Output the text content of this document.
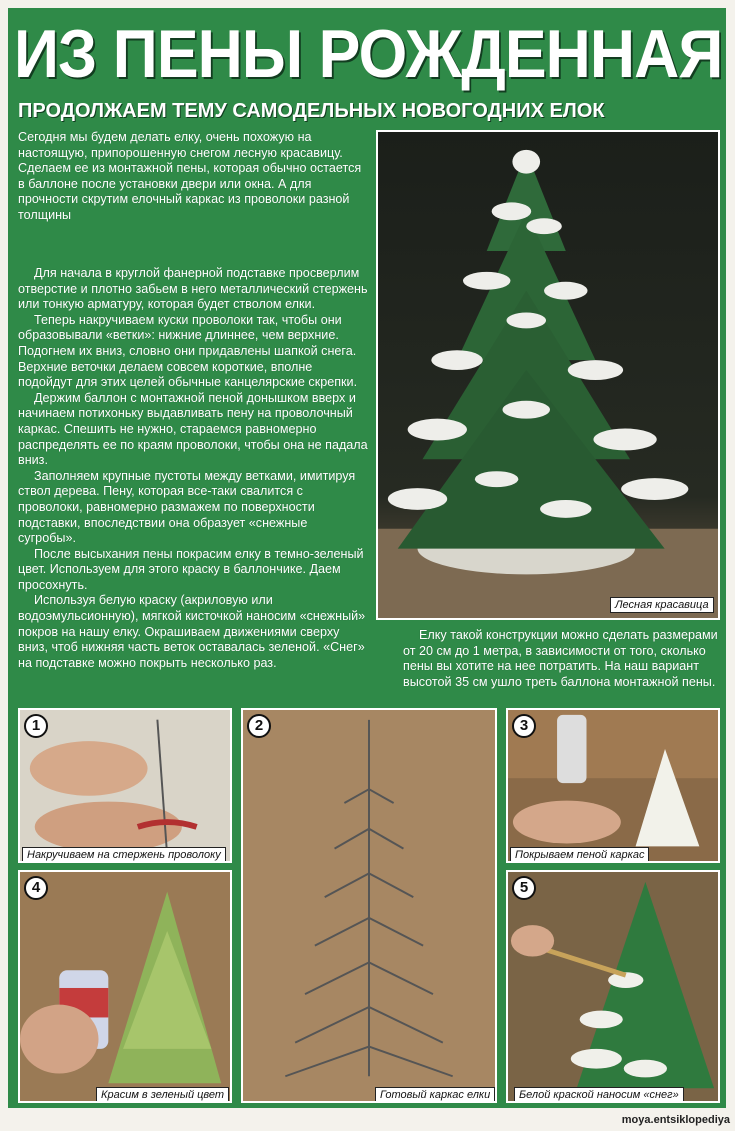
ИЗ ПЕНЫ РОЖДЕННАЯ
ПРОДОЛЖАЕМ ТЕМУ САМОДЕЛЬНЫХ НОВОГОДНИХ ЕЛОК

Сегодня мы будем делать елку, очень похожую на настоящую, припорошенную снегом лесную красавицу. Сделаем ее из монтажной пены, которая обычно остается в баллоне после установки двери или окна. А для прочности скрутим елочный каркас из проволоки разной толщины

Для начала в круглой фанерной подставке просверлим отверстие и плотно забьем в него металлический стержень или тонкую арматуру, которая будет стволом елки.

Теперь накручиваем куски проволоки так, чтобы они образовывали «ветки»: нижние длиннее, чем верхние. Подогнем их вниз, словно они придавлены шапкой снега. Верхние веточки делаем совсем короткие, вполне подойдут для этих целей обычные канцелярские скрепки.

Держим баллон с монтажной пеной донышком вверх и начинаем потихоньку выдавливать пену на проволочный каркас. Спешить не нужно, стараемся равномерно распределять ее по краям проволоки, чтобы она не падала вниз.

Заполняем крупные пустоты между ветками, имитируя ствол дерева. Пену, которая все-таки свалится с проволоки, равномерно размажем по поверхности подставки, впоследствии она образует «снежные сугробы».

После высыхания пены покрасим елку в темно-зеленый цвет. Используем для этого краску в баллончике. Даем просохнуть.

Используя белую краску (акриловую или водоэмульсионную), мягкой кисточкой наносим «снежный» покров на нашу елку. Окрашиваем движениями сверху вниз, чтоб нижняя часть веток оставалась зеленой. «Снег» на подставке можно покрыть несколько раз.

Лесная красавица

Елку такой конструкции можно сделать размерами от 20 см до 1 метра, в зависимости от того, сколько пены вы хотите на нее потратить. На наш вариант высотой 35 см ушло треть баллона монтажной пены.

1
Накручиваем на стержень проволоку
3
Покрываем пеной каркас
2
Готовый каркас елки
4
Красим в зеленый цвет
5
Белой краской наносим «снег»
moya.entsiklopediya
